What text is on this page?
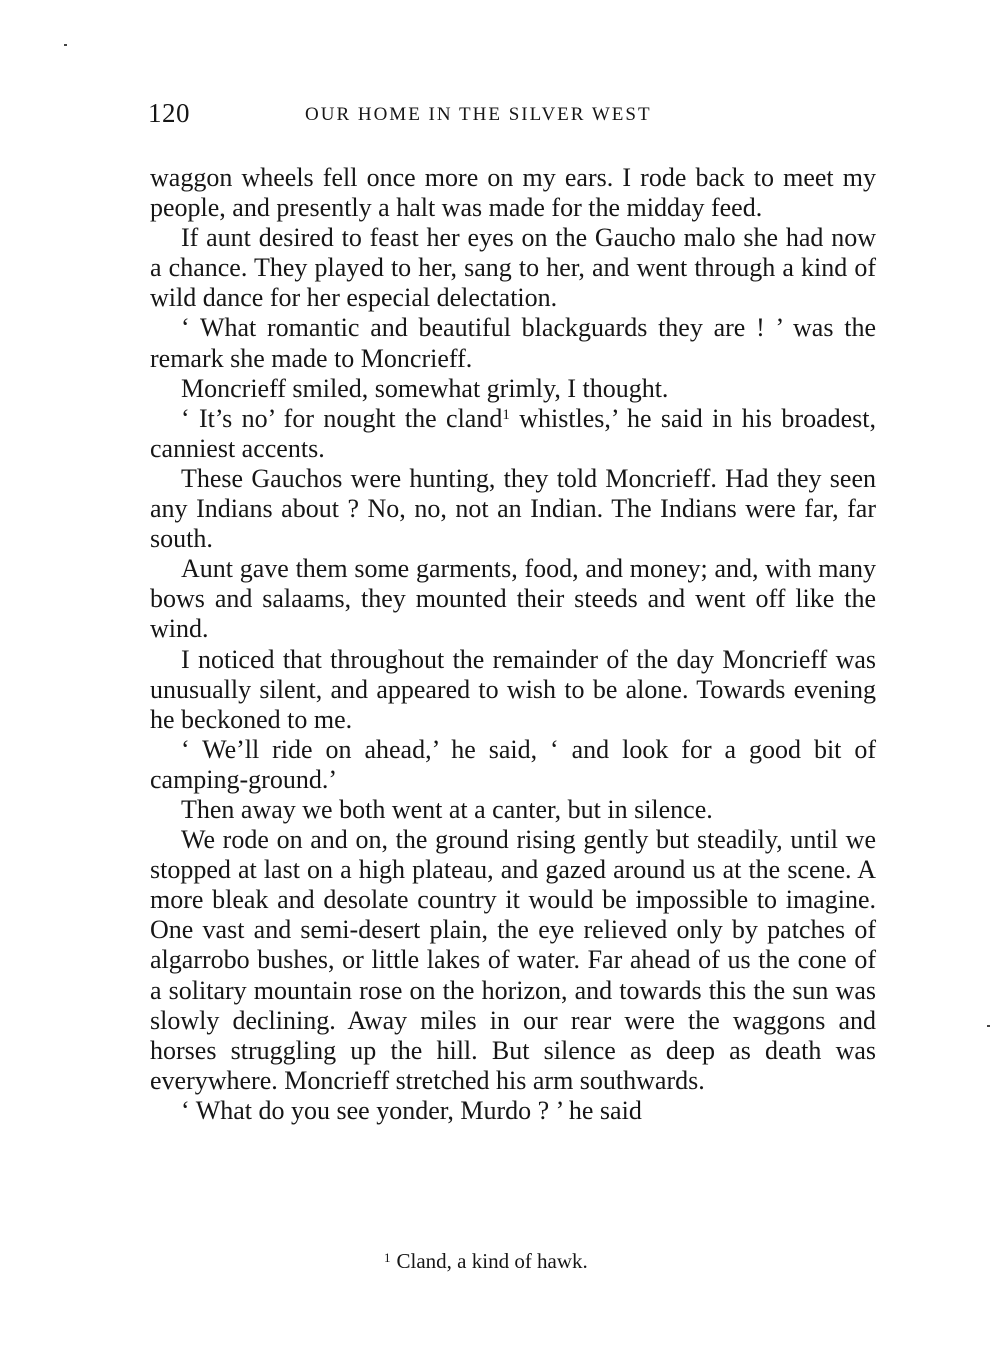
120	OUR HOME IN THE SILVER WEST

waggon wheels fell once more on my ears. I rode back to meet my people, and presently a halt was made for the midday feed.

If aunt desired to feast her eyes on the Gaucho malo she had now a chance. They played to her, sang to her, and went through a kind of wild dance for her especial delectation.

‘ What romantic and beautiful blackguards they are ! ’ was the remark she made to Moncrieff.

Moncrieff smiled, somewhat grimly, I thought.

‘ It’s no’ for nought the cland$^1$ whistles,’ he said in his broadest, canniest accents.

These Gauchos were hunting, they told Moncrieff. Had they seen any Indians about ? No, no, not an Indian. The Indians were far, far south.

Aunt gave them some garments, food, and money; and, with many bows and salaams, they mounted their steeds and went off like the wind.

I noticed that throughout the remainder of the day Moncrieff was unusually silent, and appeared to wish to be alone. Towards evening he beckoned to me.

‘ We’ll ride on ahead,’ he said, ‘ and look for a good bit of camping-ground.’

Then away we both went at a canter, but in silence.

We rode on and on, the ground rising gently but steadily, until we stopped at last on a high plateau, and gazed around us at the scene. A more bleak and desolate country it would be impossible to imagine. One vast and semi-desert plain, the eye relieved only by patches of algarrobo bushes, or little lakes of water. Far ahead of us the cone of a solitary mountain rose on the horizon, and towards this the sun was slowly declining. Away miles in our rear were the waggons and horses struggling up the hill. But silence as deep as death was everywhere. Moncrieff stretched his arm southwards.

‘ What do you see yonder, Murdo ? ’ he said

$^1$ Cland, a kind of hawk.
